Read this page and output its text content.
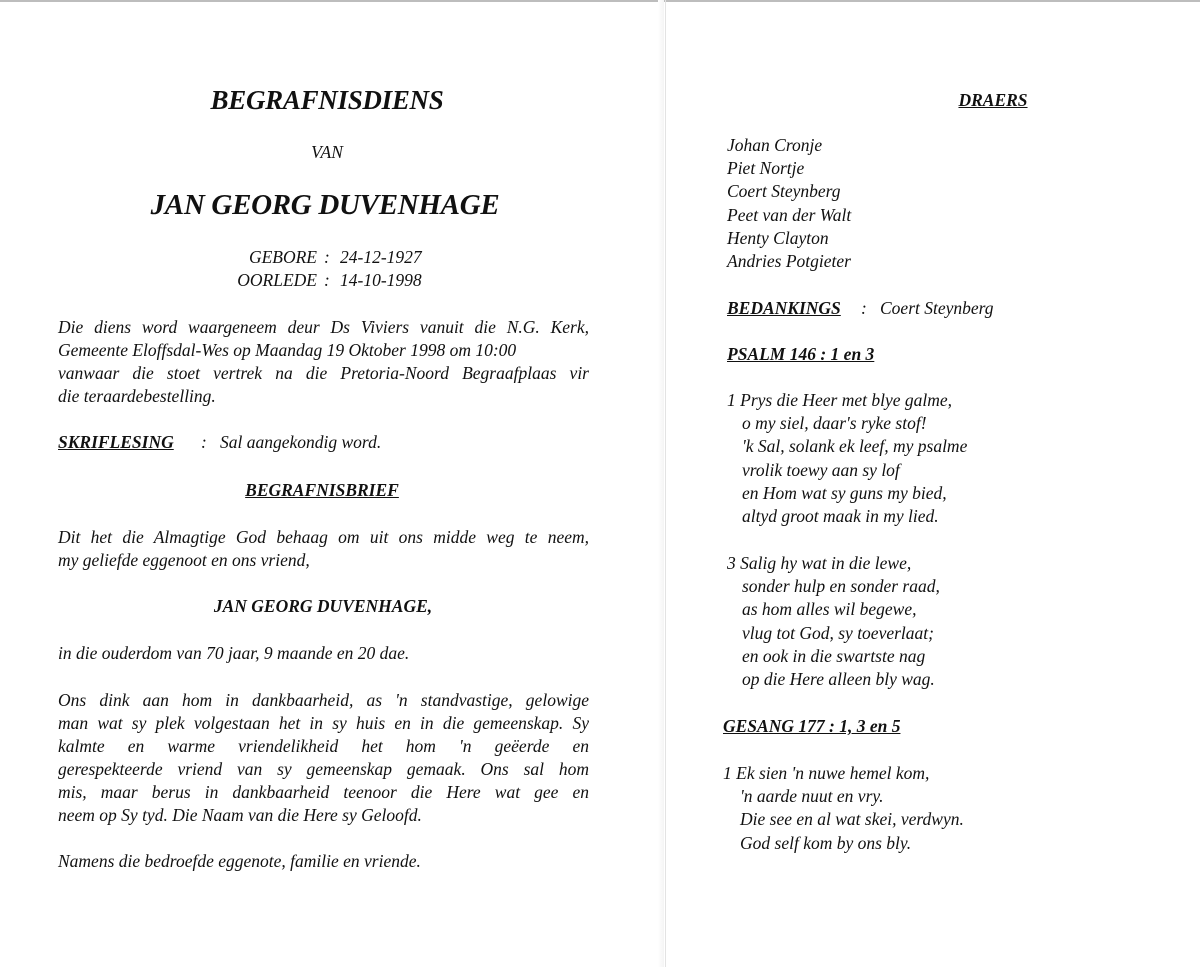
BEGRAFNISDIENS
VAN
JAN GEORG DUVENHAGE
GEBORE : 24-12-1927
OORLEDE : 14-10-1998
Die diens word waargeneem deur Ds Viviers vanuit die N.G. Kerk,
Gemeente Eloffsdal-Wes op Maandag 19 Oktober 1998 om 10:00
vanwaar die stoet vertrek na die Pretoria-Noord Begraafplaas vir
die teraardebestelling.
SKRIFLESING : Sal aangekondig word.
BEGRAFNISBRIEF
Dit het die Almagtige God behaag om uit ons midde weg te neem,
my geliefde eggenoot en ons vriend,
JAN GEORG DUVENHAGE,
in die ouderdom van 70 jaar, 9 maande en 20 dae.
Ons dink aan hom in dankbaarheid, as 'n standvastige, gelowige
man wat sy plek volgestaan het in sy huis en in die gemeenskap. Sy
kalmte en warme vriendelikheid het hom 'n geëerde en
gerespekteerde vriend van sy gemeenskap gemaak. Ons sal hom
mis, maar berus in dankbaarheid teenoor die Here wat gee en
neem op Sy tyd. Die Naam van die Here sy Geloofd.
Namens die bedroefde eggenote, familie en vriende.
DRAERS
Johan Cronje
Piet Nortje
Coert Steynberg
Peet van der Walt
Henty Clayton
Andries Potgieter
BEDANKINGS : Coert Steynberg
PSALM 146 : 1 en 3
1 Prys die Heer met blye galme,
o my siel, daar's ryke stof!
'k Sal, solank ek leef, my psalme
vrolik toewy aan sy lof
en Hom wat sy guns my bied,
altyd groot maak in my lied.
3 Salig hy wat in die lewe,
sonder hulp en sonder raad,
as hom alles wil begewe,
vlug tot God, sy toeverlaat;
en ook in die swartste nag
op die Here alleen bly wag.
GESANG 177 : 1, 3 en 5
1 Ek sien 'n nuwe hemel kom,
'n aarde nuut en vry.
Die see en al wat skei, verdwyn.
God self kom by ons bly.
